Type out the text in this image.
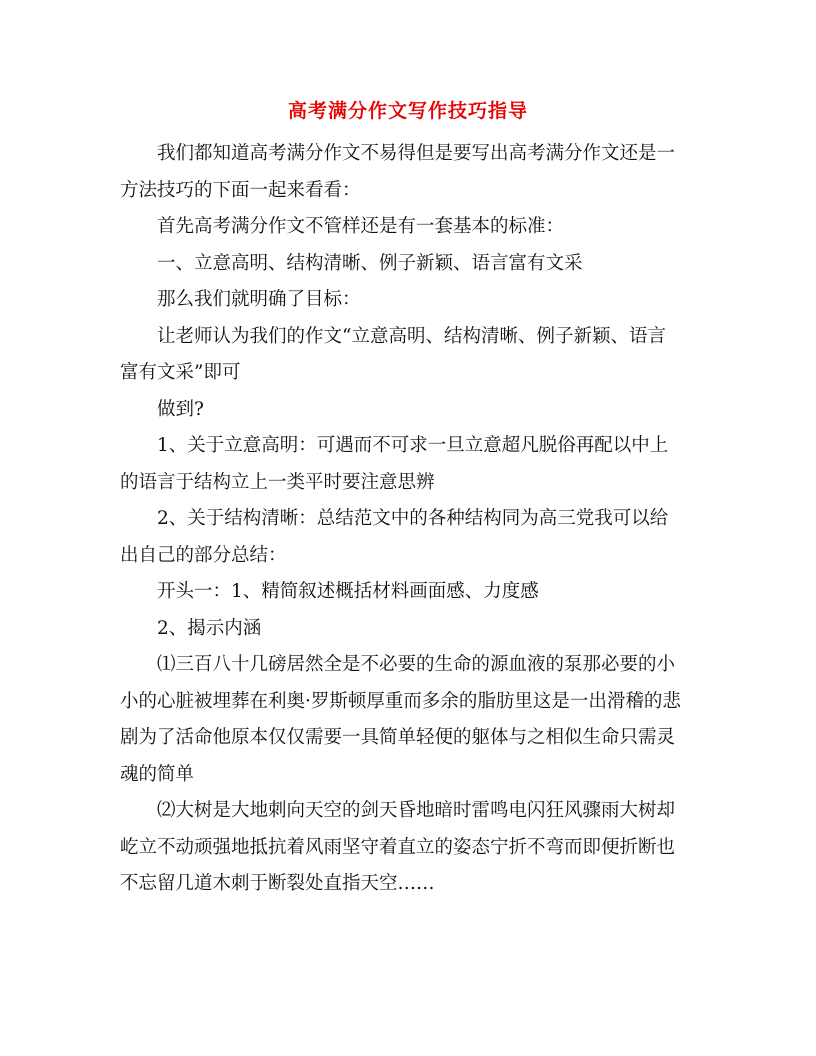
高考满分作文写作技巧指导

我们都知道高考满分作文不易得但是要写出高考满分作文还是一方法技巧的下面一起来看看：

首先高考满分作文不管样还是有一套基本的标准：

一、立意高明、结构清晰、例子新颖、语言富有文采

那么我们就明确了目标：

让老师认为我们的作文“立意高明、结构清晰、例子新颖、语言富有文采”即可

做到?

1、关于立意高明：可遇而不可求一旦立意超凡脱俗再配以中上的语言于结构立上一类平时要注意思辨

2、关于结构清晰：总结范文中的各种结构同为高三党我可以给出自己的部分总结：

开头一：1、精简叙述概括材料画面感、力度感

2、揭示内涵

⑴三百八十几磅居然全是不必要的生命的源血液的泵那必要的小小的心脏被埋葬在利奥·罗斯顿厚重而多余的脂肪里这是一出滑稽的悲剧为了活命他原本仅仅需要一具简单轻便的躯体与之相似生命只需灵魂的简单

⑵大树是大地刺向天空的剑天昏地暗时雷鸣电闪狂风骤雨大树却屹立不动顽强地抵抗着风雨坚守着直立的姿态宁折不弯而即便折断也不忘留几道木刺于断裂处直指天空……
